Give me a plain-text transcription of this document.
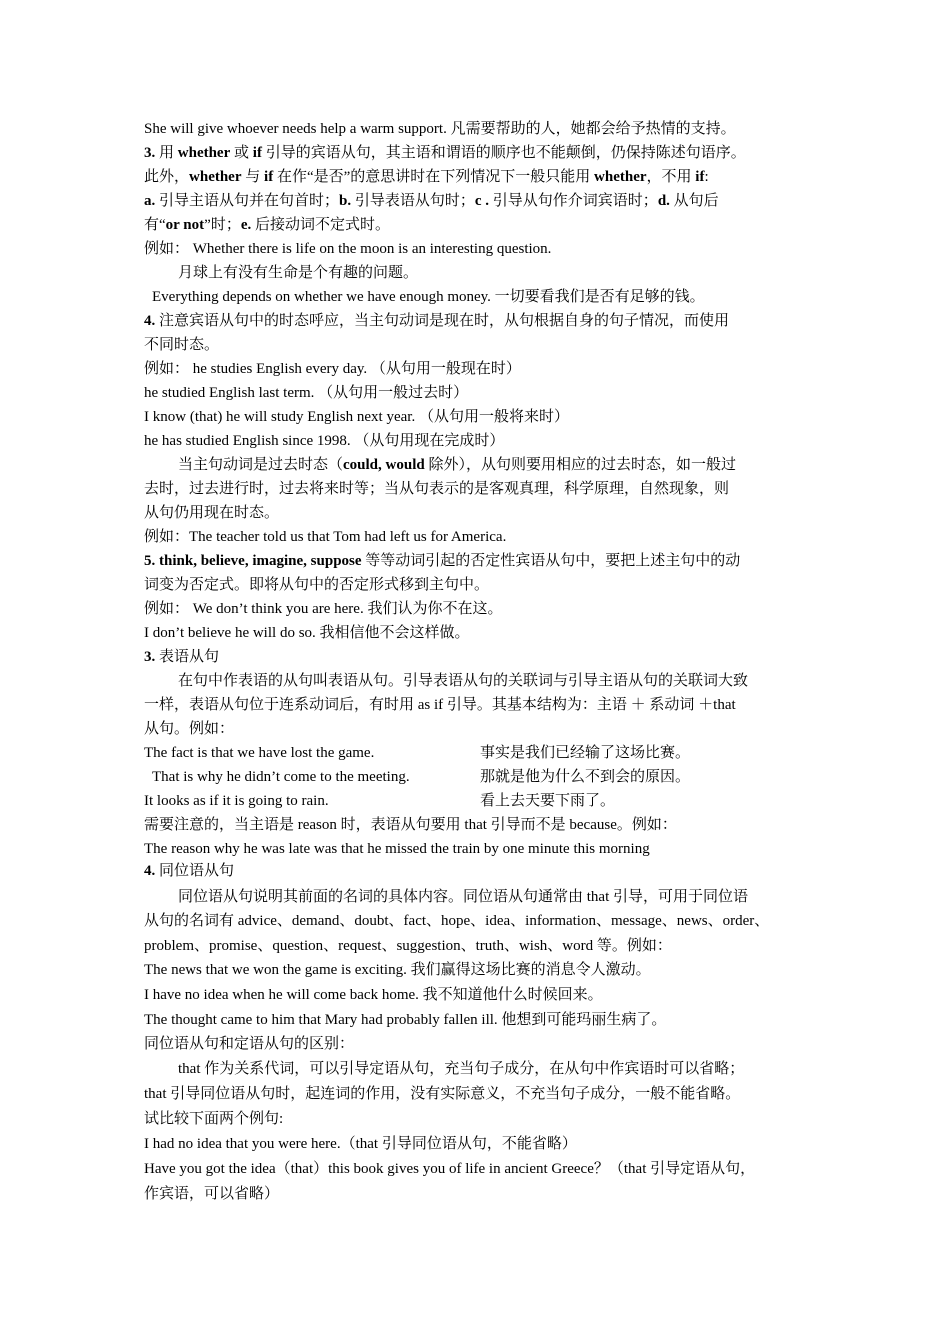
She will give whoever needs help a warm support. 凡需要帮助的人，她都会给予热情的支持。
3. 用 whether 或 if 引导的宾语从句，其主语和谓语的顺序也不能颠倒，仍保持陈述句语序。
此外，whether 与 if 在作“是否”的意思讲时在下列情况下一般只能用 whether，不用 if:
a. 引导主语从句并在句首时；b. 引导表语从句时；c . 引导从句作介词宾语时；d. 从句后
有“or not”时；e. 后接动词不定式时。
例如： Whether there is life on the moon is an interesting question.
月球上有没有生命是个有趣的问题。
Everything depends on whether we have enough money. 一切要看我们是否有足够的钱。
4. 注意宾语从句中的时态呼应，当主句动词是现在时，从句根据自身的句子情况，而使用
不同时态。
例如： he studies English every day. （从句用一般现在时）
he studied English last term. （从句用一般过去时）
I know (that) he will study English next year. （从句用一般将来时）
he has studied English since 1998. （从句用现在完成时）
当主句动词是过去时态（could, would 除外），从句则要用相应的过去时态，如一般过
去时，过去进行时，过去将来时等；当从句表示的是客观真理，科学原理，自然现象，则
从句仍用现在时态。
例如：The teacher told us that Tom had left us for America.
5. think, believe, imagine, suppose 等等动词引起的否定性宾语从句中，要把上述主句中的动
词变为否定式。即将从句中的否定形式移到主句中。
例如： We don’t think you are here. 我们认为你不在这。
I don’t believe he will do so. 我相信他不会这样做。
3. 表语从句
在句中作表语的从句叫表语从句。引导表语从句的关联词与引导主语从句的关联词大致
一样，表语从句位于连系动词后，有时用 as if 引导。其基本结构为：主语 ＋ 系动词 ＋that
从句。例如：
The fact is that we have lost the game.	事实是我们已经输了这场比赛。
That is why he didn’t come to the meeting.	那就是他为什么不到会的原因。
It looks as if it is going to rain.	看上去天要下雨了。
需要注意的，当主语是 reason 时，表语从句要用 that 引导而不是 because。例如：
The reason why he was late was that he missed the train by one minute this morning
4. 同位语从句
同位语从句说明其前面的名词的具体内容。同位语从句通常由 that 引导，可用于同位语
从句的名词有 advice、demand、doubt、fact、hope、idea、information、message、news、order、
problem、promise、question、request、suggestion、truth、wish、word 等。例如：
The news that we won the game is exciting. 我们赢得这场比赛的消息令人激动。
I have no idea when he will come back home. 我不知道他什么时候回来。
The thought came to him that Mary had probably fallen ill. 他想到可能玛丽生病了。
同位语从句和定语从句的区别：
that 作为关系代词，可以引导定语从句，充当句子成分，在从句中作宾语时可以省略；
that 引导同位语从句时，起连词的作用，没有实际意义，不充当句子成分，一般不能省略。
试比较下面两个例句:
I had no idea that you were here.（that 引导同位语从句，不能省略）
Have you got the idea（that）this book gives you of life in ancient Greece？（that 引导定语从句，
作宾语，可以省略）
